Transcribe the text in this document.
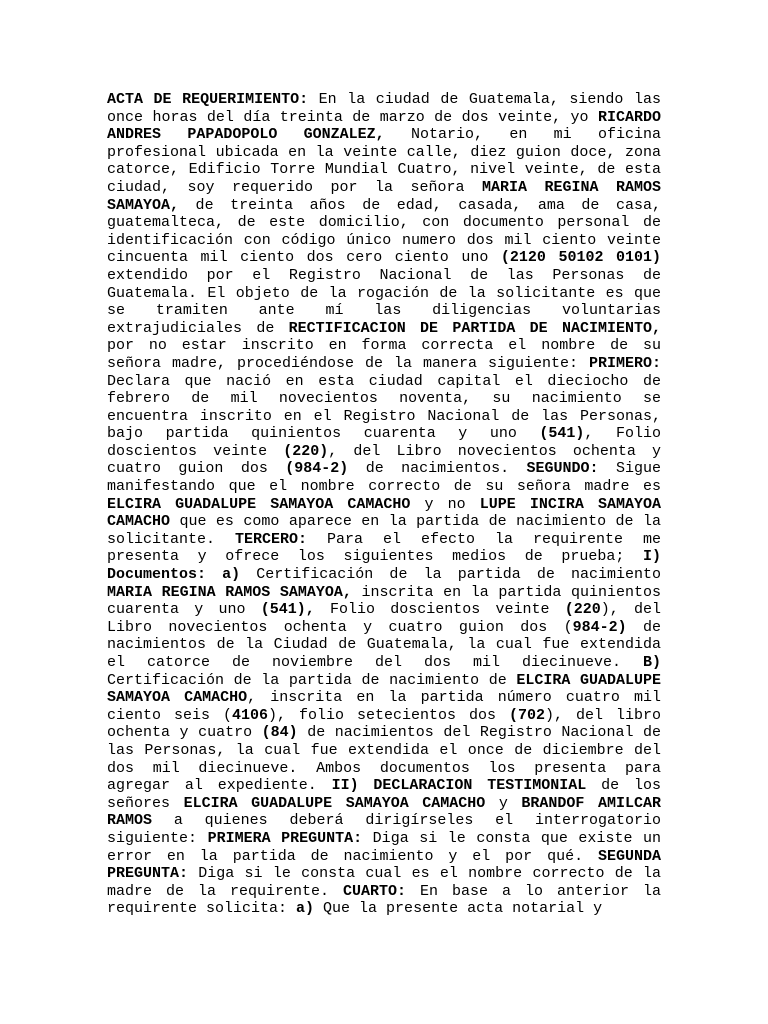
ACTA DE REQUERIMIENTO: En la ciudad de Guatemala, siendo las once horas del día treinta de marzo de dos veinte, yo RICARDO ANDRES PAPADOPOLO GONZALEZ, Notario, en mi oficina profesional ubicada en la veinte calle, diez guion doce, zona catorce, Edificio Torre Mundial Cuatro, nivel veinte, de esta ciudad, soy requerido por la señora MARIA REGINA RAMOS SAMAYOA, de treinta años de edad, casada, ama de casa, guatemalteca, de este domicilio, con documento personal de identificación con código único numero dos mil ciento veinte cincuenta mil ciento dos cero ciento uno (2120 50102 0101) extendido por el Registro Nacional de las Personas de Guatemala. El objeto de la rogación de la solicitante es que se tramiten ante mí las diligencias voluntarias extrajudiciales de RECTIFICACION DE PARTIDA DE NACIMIENTO, por no estar inscrito en forma correcta el nombre de su señora madre, procediéndose de la manera siguiente: PRIMERO: Declara que nació en esta ciudad capital el dieciocho de febrero de mil novecientos noventa, su nacimiento se encuentra inscrito en el Registro Nacional de las Personas, bajo partida quinientos cuarenta y uno (541), Folio doscientos veinte (220), del Libro novecientos ochenta y cuatro guion dos (984-2) de nacimientos. SEGUNDO: Sigue manifestando que el nombre correcto de su señora madre es ELCIRA GUADALUPE SAMAYOA CAMACHO y no LUPE INCIRA SAMAYOA CAMACHO que es como aparece en la partida de nacimiento de la solicitante. TERCERO: Para el efecto la requirente me presenta y ofrece los siguientes medios de prueba; I) Documentos: a) Certificación de la partida de nacimiento MARIA REGINA RAMOS SAMAYOA, inscrita en la partida quinientos cuarenta y uno (541), Folio doscientos veinte (220), del Libro novecientos ochenta y cuatro guion dos (984-2) de nacimientos de la Ciudad de Guatemala, la cual fue extendida el catorce de noviembre del dos mil diecinueve. B) Certificación de la partida de nacimiento de ELCIRA GUADALUPE SAMAYOA CAMACHO, inscrita en la partida número cuatro mil ciento seis (4106), folio setecientos dos (702), del libro ochenta y cuatro (84) de nacimientos del Registro Nacional de las Personas, la cual fue extendida el once de diciembre del dos mil diecinueve. Ambos documentos los presenta para agregar al expediente. II) DECLARACION TESTIMONIAL de los señores ELCIRA GUADALUPE SAMAYOA CAMACHO y BRANDOF AMILCAR RAMOS a quienes deberá dirigírseles el interrogatorio siguiente: PRIMERA PREGUNTA: Diga si le consta que existe un error en la partida de nacimiento y el por qué. SEGUNDA PREGUNTA: Diga si le consta cual es el nombre correcto de la madre de la requirente. CUARTO: En base a lo anterior la requirente solicita: a) Que la presente acta notarial y
